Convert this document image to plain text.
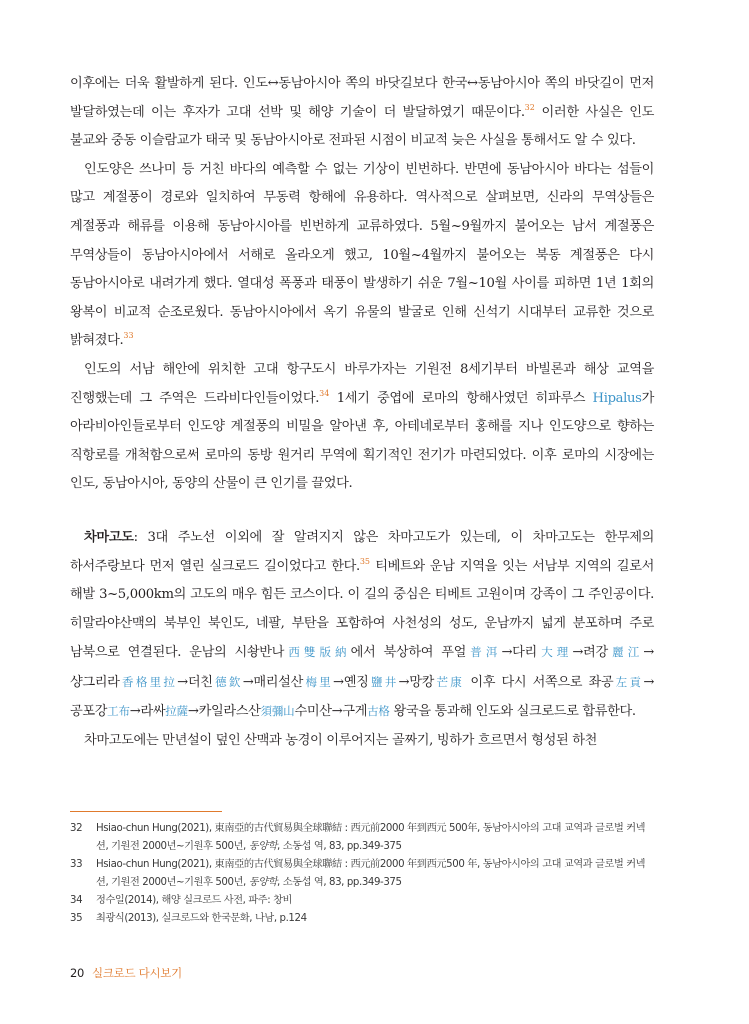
이후에는 더욱 활발하게 된다. 인도↔동남아시아 쪽의 바닷길보다 한국↔동남아시아 쪽의 바닷길이 먼저 발달하였는데 이는 후자가 고대 선박 및 해양 기술이 더 발달하였기 때문이다.$^{32}$ 이러한 사실은 인도 불교와 중동 이슬람교가 태국 및 동남아시아로 전파된 시점이 비교적 늦은 사실을 통해서도 알 수 있다.

인도양은 쓰나미 등 거친 바다의 예측할 수 없는 기상이 빈번하다. 반면에 동남아시아 바다는 섬들이 많고 계절풍이 경로와 일치하여 무동력 항해에 유용하다. 역사적으로 살펴보면, 신라의 무역상들은 계절풍과 해류를 이용해 동남아시아를 빈번하게 교류하였다. 5월~9월까지 불어오는 남서 계절풍은 무역상들이 동남아시아에서 서해로 올라오게 했고, 10월~4월까지 불어오는 북동 계절풍은 다시 동남아시아로 내려가게 했다. 열대성 폭풍과 태풍이 발생하기 쉬운 7월~10월 사이를 피하면 1년 1회의 왕복이 비교적 순조로웠다. 동남아시아에서 옥기 유물의 발굴로 인해 신석기 시대부터 교류한 것으로 밝혀졌다.$^{33}$

인도의 서남 해안에 위치한 고대 항구도시 바루가자는 기원전 8세기부터 바빌론과 해상 교역을 진행했는데 그 주역은 드라비다인들이었다.$^{34}$ 1세기 중엽에 로마의 항해사였던 히파루스 Hipalus가 아라비아인들로부터 인도양 계절풍의 비밀을 알아낸 후, 아테네로부터 홍해를 지나 인도양으로 향하는 직항로를 개척함으로써 로마의 동방 원거리 무역에 획기적인 전기가 마련되었다. 이후 로마의 시장에는 인도, 동남아시아, 동양의 산물이 큰 인기를 끌었다.

차마고도: 3대 주노선 이외에 잘 알려지지 않은 차마고도가 있는데, 이 차마고도는 한무제의 하서주랑보다 먼저 열린 실크로드 길이었다고 한다.$^{35}$ 티베트와 운남 지역을 잇는 서남부 지역의 길로서 해발 3~5,000km의 고도의 매우 힘든 코스이다. 이 길의 중심은 티베트 고원이며 강족이 그 주인공이다. 히말라야산맥의 북부인 북인도, 네팔, 부탄을 포함하여 사천성의 성도, 운남까지 넓게 분포하며 주로 남북으로 연결된다. 운남의 시솽반나西雙版納에서 북상하여 푸얼普洱→다리大理→려강麗江→샹그리라香格里拉→더친德欽→매리설산梅里→옌징鹽井→망캉芒康 이후 다시 서쪽으로 좌공左貢→공포강工布→라싸拉薩→카일라스산須彌山수미산→구게古格 왕국을 통과해 인도와 실크로드로 합류한다.

차마고도에는 만년설이 덮인 산맥과 농경이 이루어지는 골짜기, 빙하가 흐르면서 형성된 하천

32	Hsiao-chun Hung(2021), 東南亞的古代貿易與全球聯結 : 西元前2000 年到西元 500年, 동남아시아의 고대 교역과 글로벌 커넥션, 기원전 2000년~기원후 500년, 동양학, 소동섭 역, 83, pp.349-375
33	Hsiao-chun Hung(2021), 東南亞的古代貿易與全球聯結 : 西元前2000 年到西元500 年, 동남아시아의 고대 교역과 글로벌 커넥션, 기원전 2000년~기원후 500년, 동양학, 소동섭 역, 83, pp.349-375
34	정수일(2014), 해양 실크로드 사전, 파주: 창비
35	최광식(2013), 실크로드와 한국문화, 나남, p.124
20 실크로드 다시보기
